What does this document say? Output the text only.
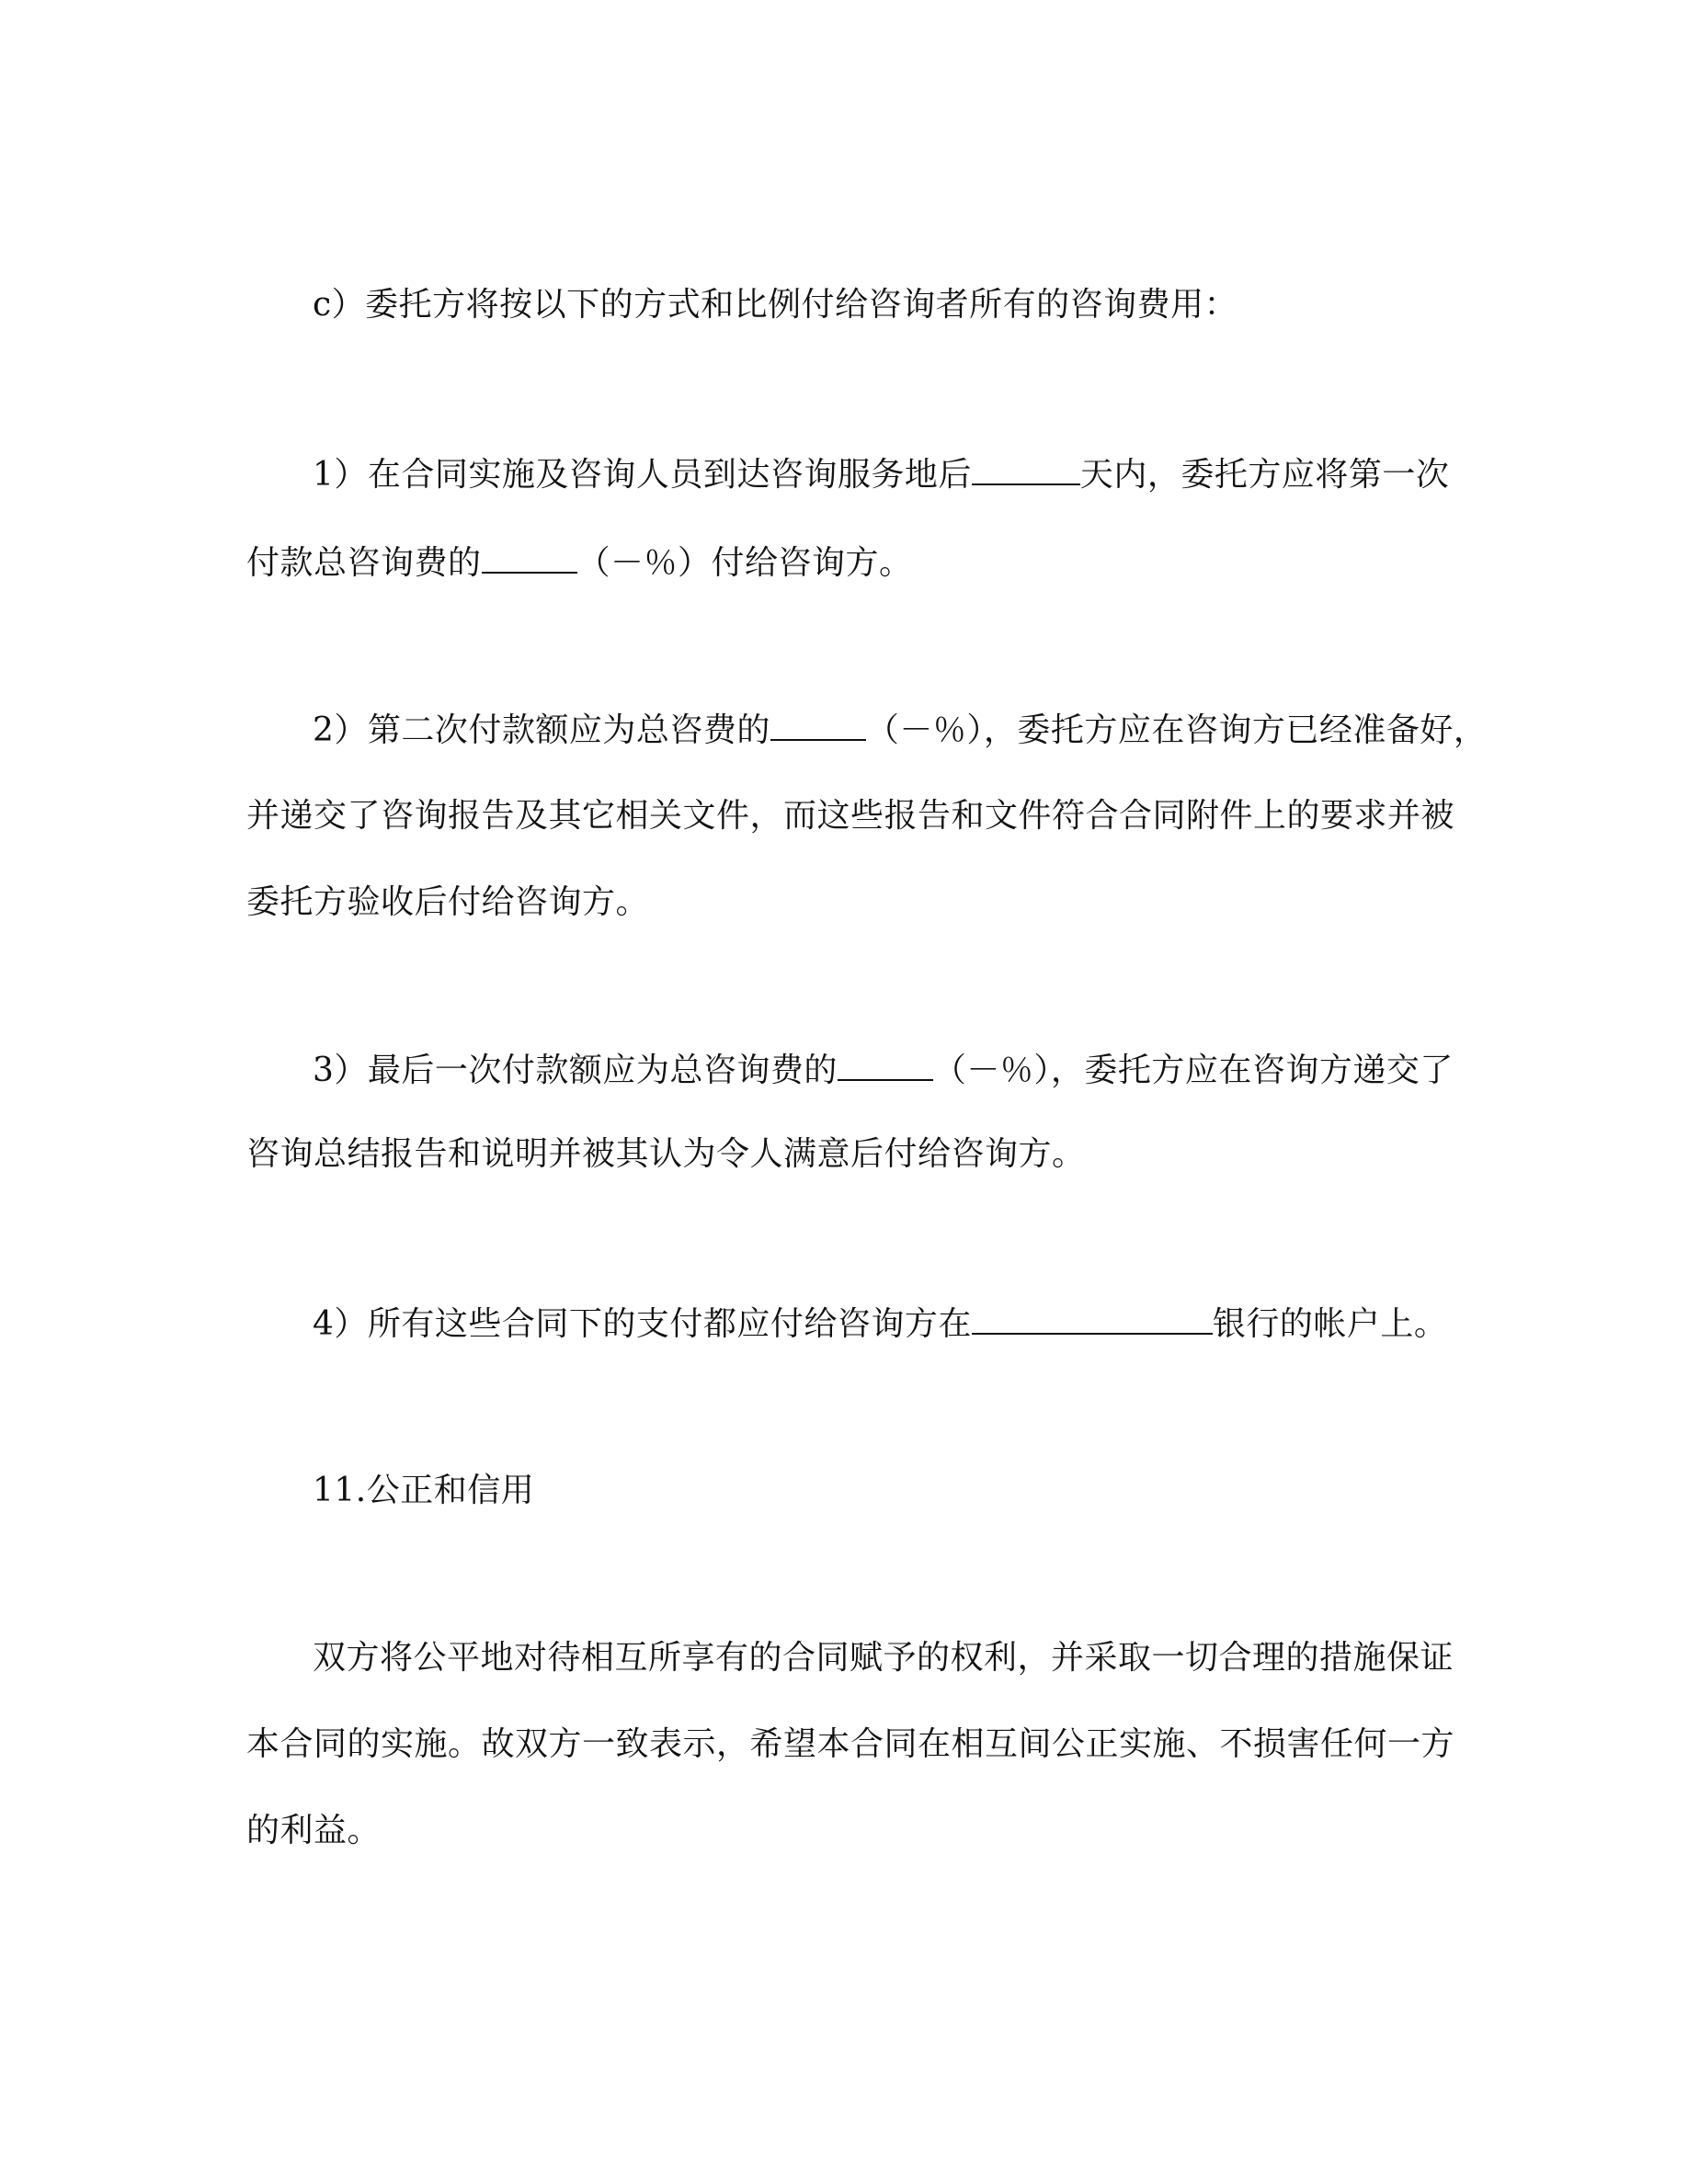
c）委托方将按以下的方式和比例付给咨询者所有的咨询费用：
1）在合同实施及咨询人员到达咨询服务地后	天内，委托方应将第一次
付款总咨询费的	（－％）付给咨询方。
2）第二次付款额应为总咨费的	（－％），委托方应在咨询方已经准备好，
并递交了咨询报告及其它相关文件，而这些报告和文件符合合同附件上的要求并被
委托方验收后付给咨询方。
3）最后一次付款额应为总咨询费的	（－％），委托方应在咨询方递交了
咨询总结报告和说明并被其认为令人满意后付给咨询方。
4）所有这些合同下的支付都应付给咨询方在	银行的帐户上。
11.公正和信用
双方将公平地对待相互所享有的合同赋予的权利，并采取一切合理的措施保证
本合同的实施。故双方一致表示，希望本合同在相互间公正实施、不损害任何一方
的利益。
